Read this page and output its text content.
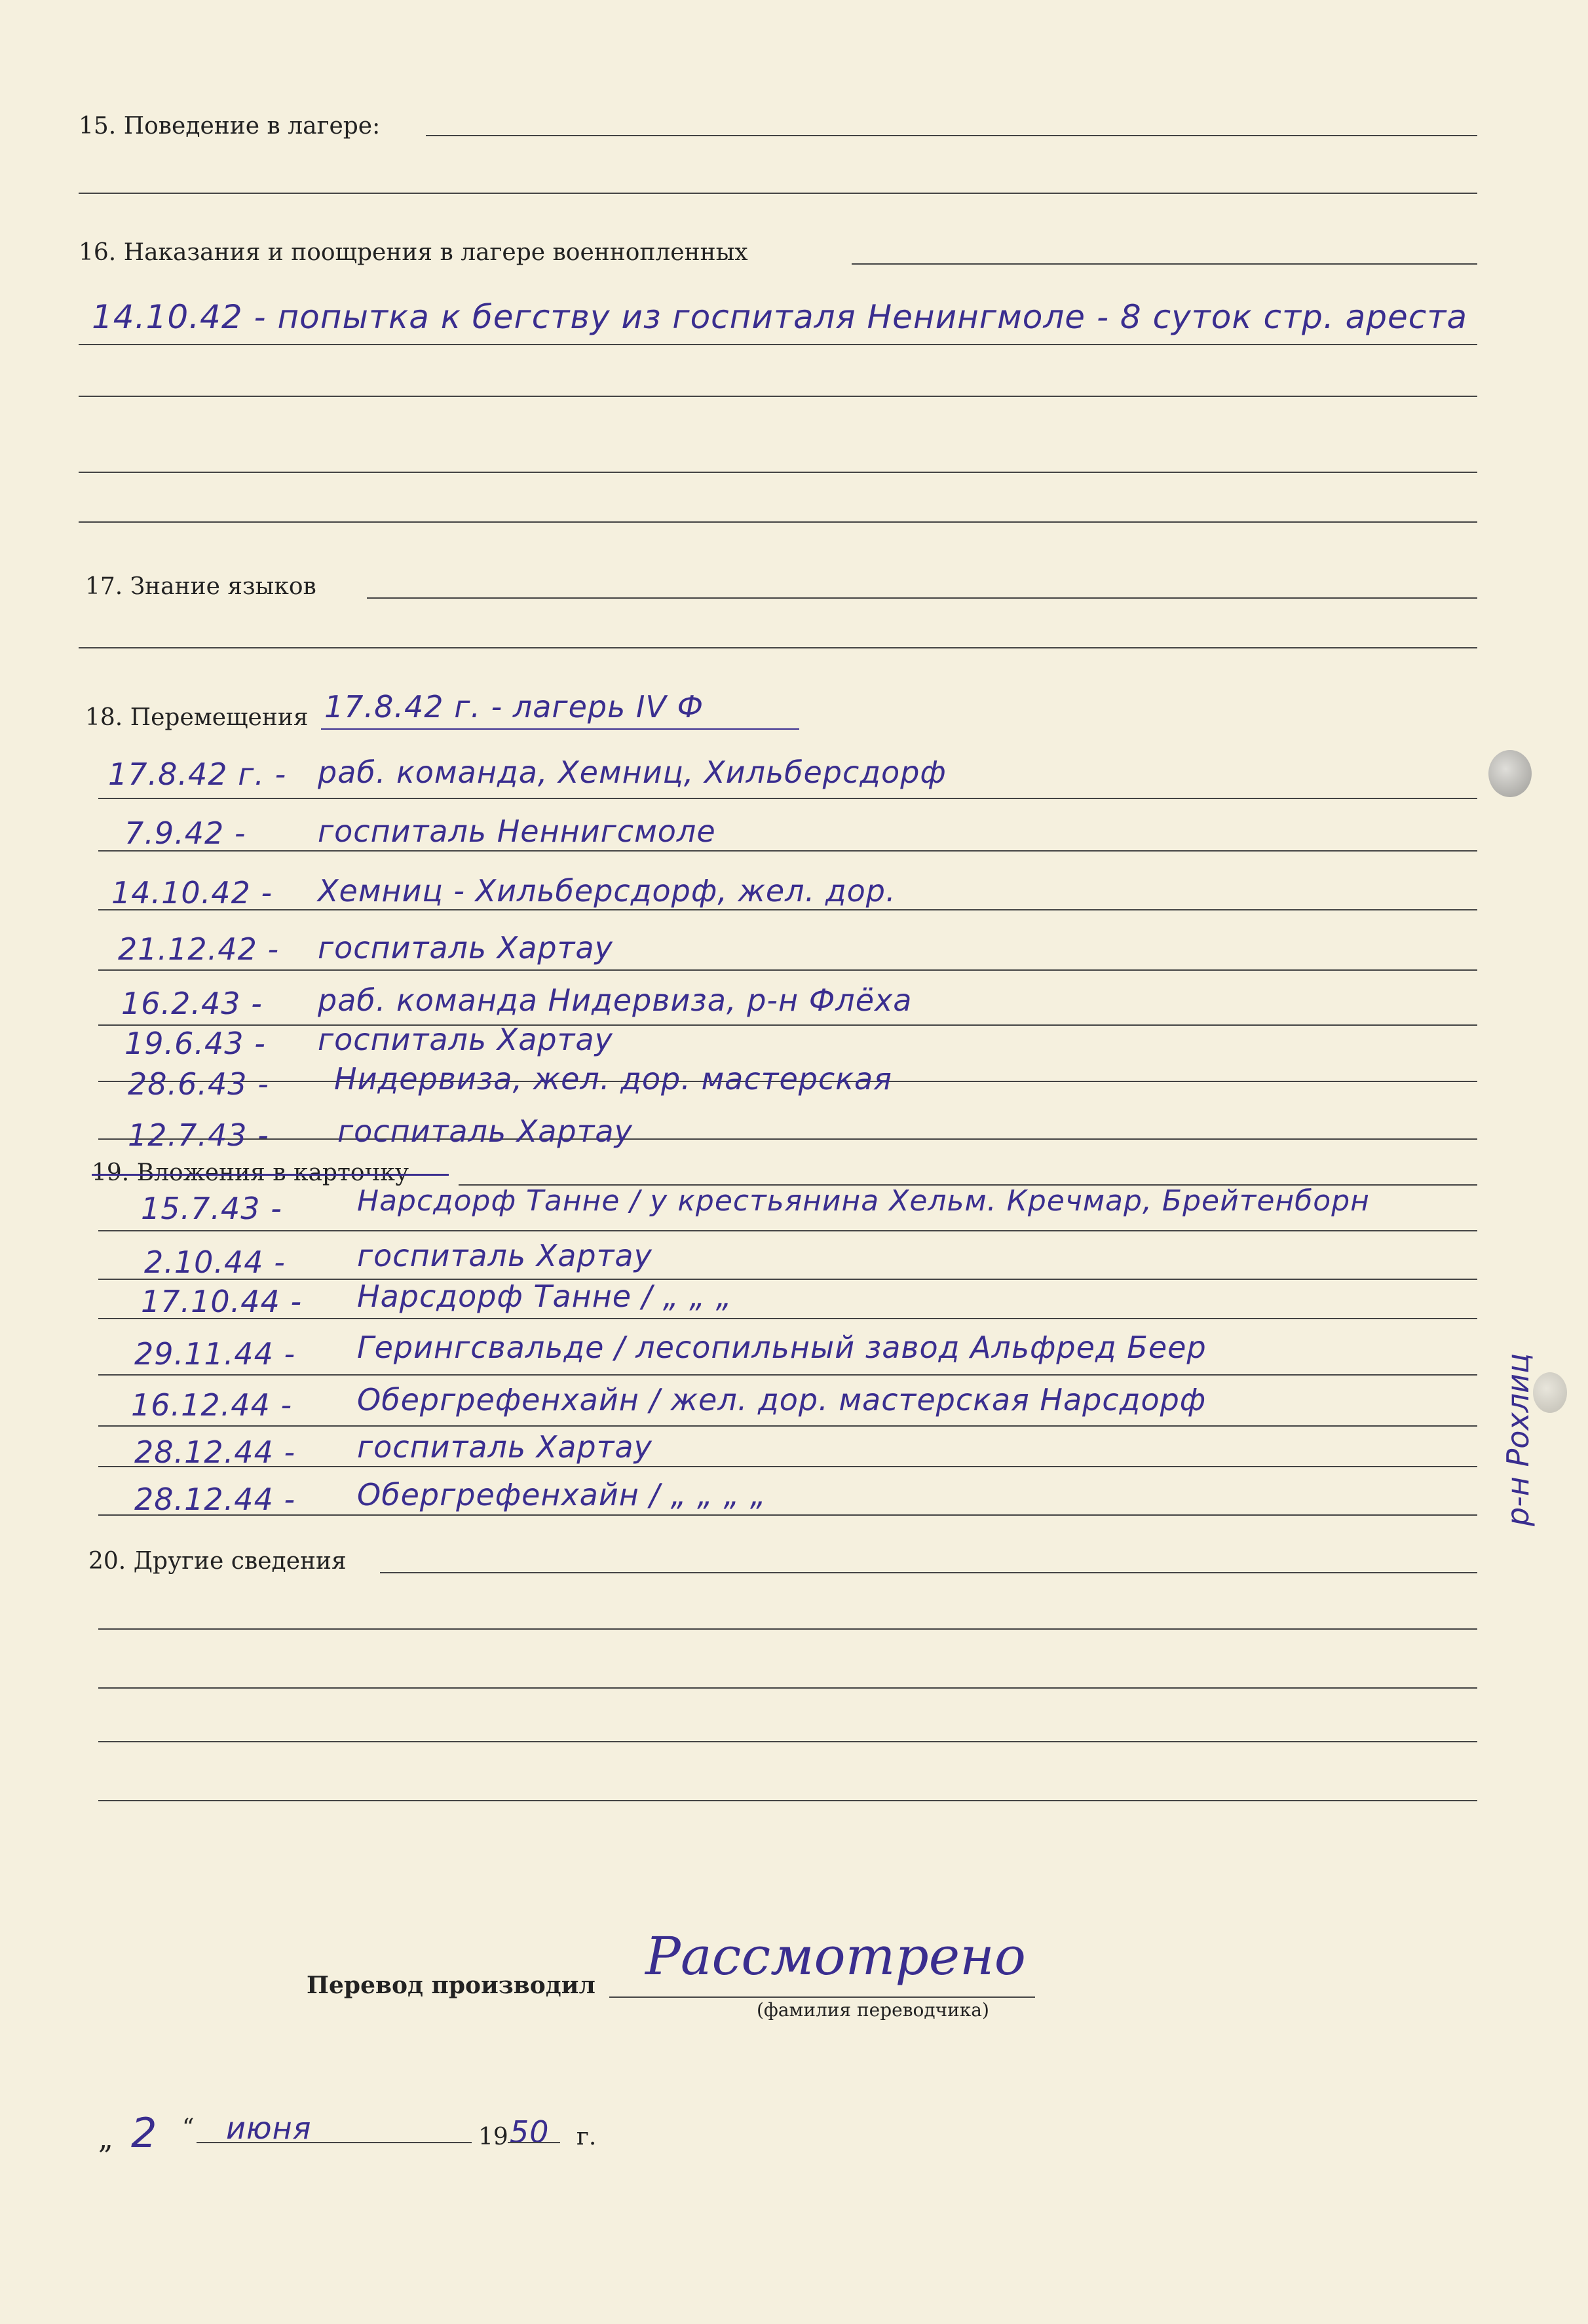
15. Поведение в лагере:
16. Наказания и поощрения в лагере военнопленных
14.10.42 - попытка к бегству из госпиталя Ненингмоле - 8 суток стр. ареста
17. Знание языков
18. Перемещения 17.8.42 г. - лагерь IV Ф
17.8.42 г. - раб. команда, Хемниц, Хильберсдорф
7.9.42 - госпиталь Неннигсмоле
14.10.42 - Хемниц - Хильберсдорф, жел. дор.
21.12.42 - госпиталь Хартау
16.2.43 - раб. команда Нидервиза, р-н Флёха
19.6.43 - госпиталь Хартау
28.6.43 - Нидервиза, жел. дор. мастерская
12.7.43 - госпиталь Хартау
19. Вложения в карточку
15.7.43 -	Нарсдорф Танне / у крестьянина Хельм. Кречмар, Брейтенборн
2.10.44 - госпиталь Хартау
17.10.44 - Нарсдорф Танне / „ „ „
29.11.44 - Герингсвальде / лесопильный завод Альфред Беер
16.12.44 - Обергрефенхайн / жел. дор. мастерская Нарсдорф
28.12.44 - госпиталь Хартау
28.12.44 - Обергрефенхайн / „ „ „ „	р-н Рохлиц
20. Другие сведения
Перевод производил Рассмотрено
(фамилия переводчика)
„ 2 “ июня	19 50 г.
